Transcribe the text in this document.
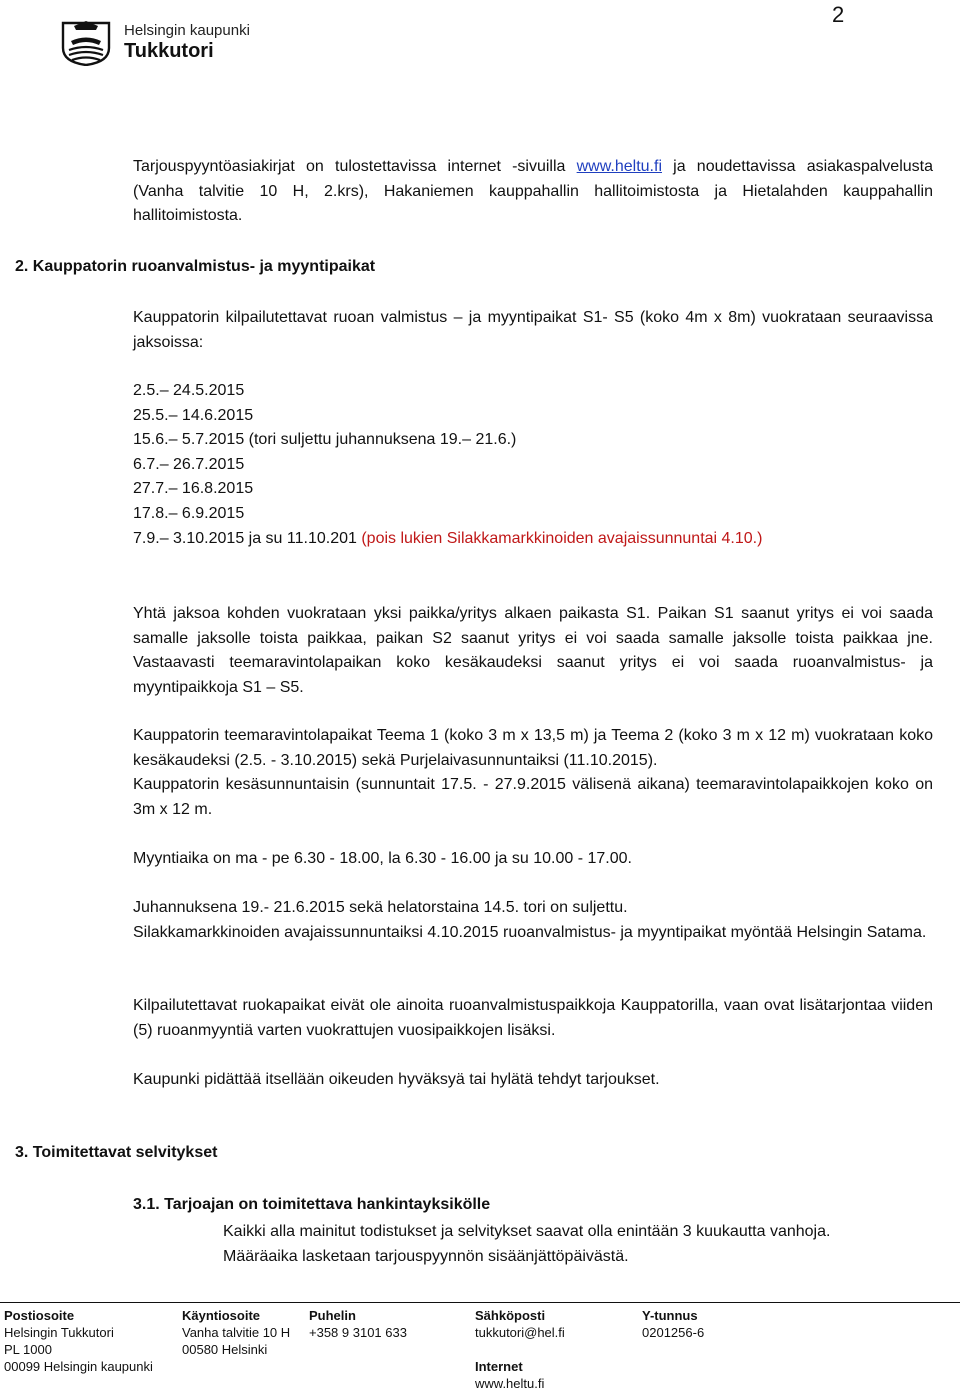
2
Helsingin kaupunki
Tukkutori

Tarjouspyyntöasiakirjat on tulostettavissa internet -sivuilla www.heltu.fi ja noudettavissa asiakaspalvelusta (Vanha talvitie 10 H, 2.krs), Hakaniemen kauppahallin hallitoimistosta ja Hietalahden kauppahallin hallitoimistosta.

2. Kauppatorin ruoanvalmistus- ja myyntipaikat

Kauppatorin kilpailutettavat ruoan valmistus – ja myyntipaikat S1- S5 (koko 4m x 8m) vuokrataan seuraavissa jaksoissa:

2.5.– 24.5.2015
25.5.– 14.6.2015
15.6.– 5.7.2015 (tori suljettu juhannuksena 19.– 21.6.)
6.7.– 26.7.2015
27.7.– 16.8.2015
17.8.– 6.9.2015
7.9.– 3.10.2015 ja su 11.10.201 (pois lukien Silakkamarkkinoiden avajaissunnuntai 4.10.)

Yhtä jaksoa kohden vuokrataan yksi paikka/yritys alkaen paikasta S1. Paikan S1 saanut yritys ei voi saada samalle jaksolle toista paikkaa, paikan S2 saanut yritys ei voi saada samalle jaksolle toista paikkaa jne. Vastaavasti teemaravintolapaikan koko kesäkaudeksi saanut yritys ei voi saada ruoanvalmistus- ja myyntipaikkoja S1 – S5.

Kauppatorin teemaravintolapaikat Teema 1 (koko 3 m x 13,5 m) ja Teema 2 (koko 3 m x 12 m) vuokrataan koko kesäkaudeksi (2.5. - 3.10.2015) sekä Purjelaivasunnuntaiksi (11.10.2015).

Kauppatorin kesäsunnuntaisin (sunnuntait 17.5. - 27.9.2015 välisenä aikana) teemaravintolapaikkojen koko on 3m x 12 m.

Myyntiaika on ma - pe 6.30 - 18.00, la 6.30 - 16.00 ja su 10.00 - 17.00.

Juhannuksena 19.- 21.6.2015 sekä helatorstaina 14.5. tori on suljettu.

Silakkamarkkinoiden avajaissunnuntaiksi 4.10.2015 ruoanvalmistus- ja myyntipaikat myöntää Helsingin Satama.

Kilpailutettavat ruokapaikat eivät ole ainoita ruoanvalmistuspaikkoja Kauppatorilla, vaan ovat lisätarjontaa viiden (5) ruoanmyyntiä varten vuokrattujen vuosipaikkojen lisäksi.

Kaupunki pidättää itsellään oikeuden hyväksyä tai hylätä tehdyt tarjoukset.

3. Toimitettavat selvitykset
3.1. Tarjoajan on toimitettava hankintayksikölle
Kaikki alla mainitut todistukset ja selvitykset saavat olla enintään 3 kuukautta vanhoja.
Määräaika lasketaan tarjouspyynnön sisäänjättöpäivästä.
Postiosoite
Helsingin Tukkutori
PL 1000
00099 Helsingin kaupunki
Käyntiosoite
Vanha talvitie 10 H
00580 Helsinki
Puhelin
+358 9 3101 633
Sähköposti
tukkutori@hel.fi

Internet
www.heltu.fi
Y-tunnus
0201256-6
